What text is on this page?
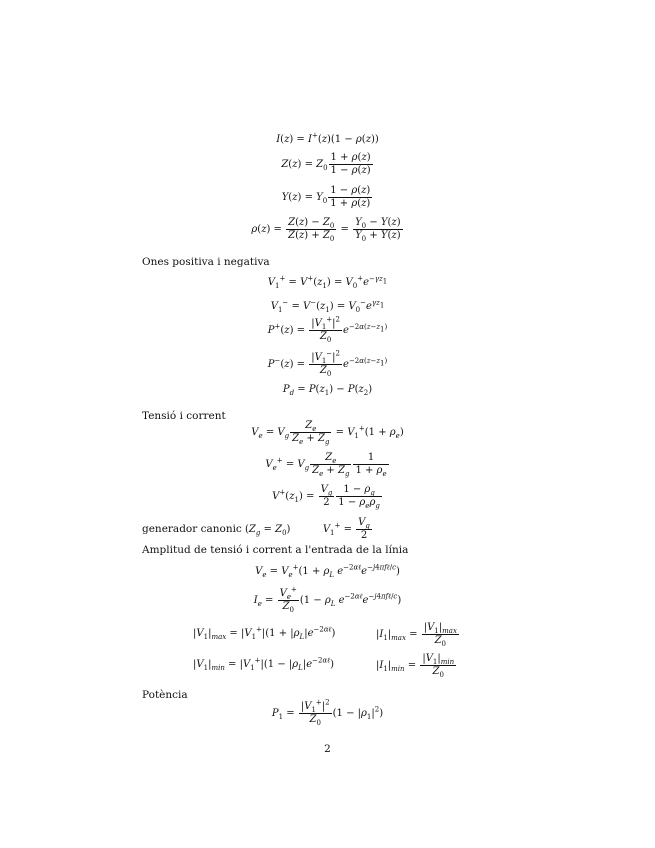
I(z) = I+(z)(1 − ρ(z))
$Z(z) = Z_0 \frac{1 + \rho(z)}{1 - \rho(z)}$
$Y(z) = Y_0 \frac{1 - \rho(z)}{1 + \rho(z)}$
$\rho(z) = \frac{Z(z) - Z_0}{Z(z) + Z_0} = \frac{Y_0 - Y(z)}{Y_0 + Y(z)}$
Ones positiva i negativa
$V_1^+ = V^+(z_1) = V_0^+e^{-\gamma z_1}$
$V_1^- = V^-(z_1) = V_0^-e^{\gamma z_1}$
$P^+(z) = \frac{|V_1^+|^2}{Z_0} e^{-2\alpha(z-z_1)}$
$P^-(z) = \frac{|V_1^-|^2}{Z_0} e^{-2\alpha(z-z_1)}$
$P_d = P(z_1) - P(z_2)$
Tensió i corrent
$V_e = V_g \frac{Z_e}{Z_e + Z_g} = V_1^+(1 + \rho_e)$
$V_e^+ = V_g \frac{Z_e}{Z_e + Z_g} \frac{1}{1 + \rho_e}$
$V^+(z_1) = \frac{V_g}{2} \frac{1 - \rho_g}{1 - \rho_e\rho_g}$
generador canonic $(Z_g = Z_0)$	$V_1^+ = \frac{V_g}{2}$
Amplitud de tensió i corrent a l'entrada de la línia
$V_e = V_e^+(1 + \rho_L$ $e^{-2\alpha\ell}e^{-j4\pi f\ell/c}$)
$I_e = \frac{V_e^+}{Z_0} (1 - \rho_L$ $e^{-2\alpha\ell}e^{-j4\pi f\ell/c}$)
$|V_1|_{max} = |V_1^+|(1 + |\rho_L|e^{-2\alpha\ell})$	$|I_1|_{max} = \frac{|V_1|_{max}}{Z_0}$
$|V_1|_{min} = |V_1^+|(1 - |\rho_L|e^{-2\alpha\ell})$	$|I_1|_{min} = \frac{|V_1|_{min}}{Z_0}$
Potència
$P_1 = \frac{|V_1^+|^2}{Z_0} (1 - |\rho_1|^2)$
2
